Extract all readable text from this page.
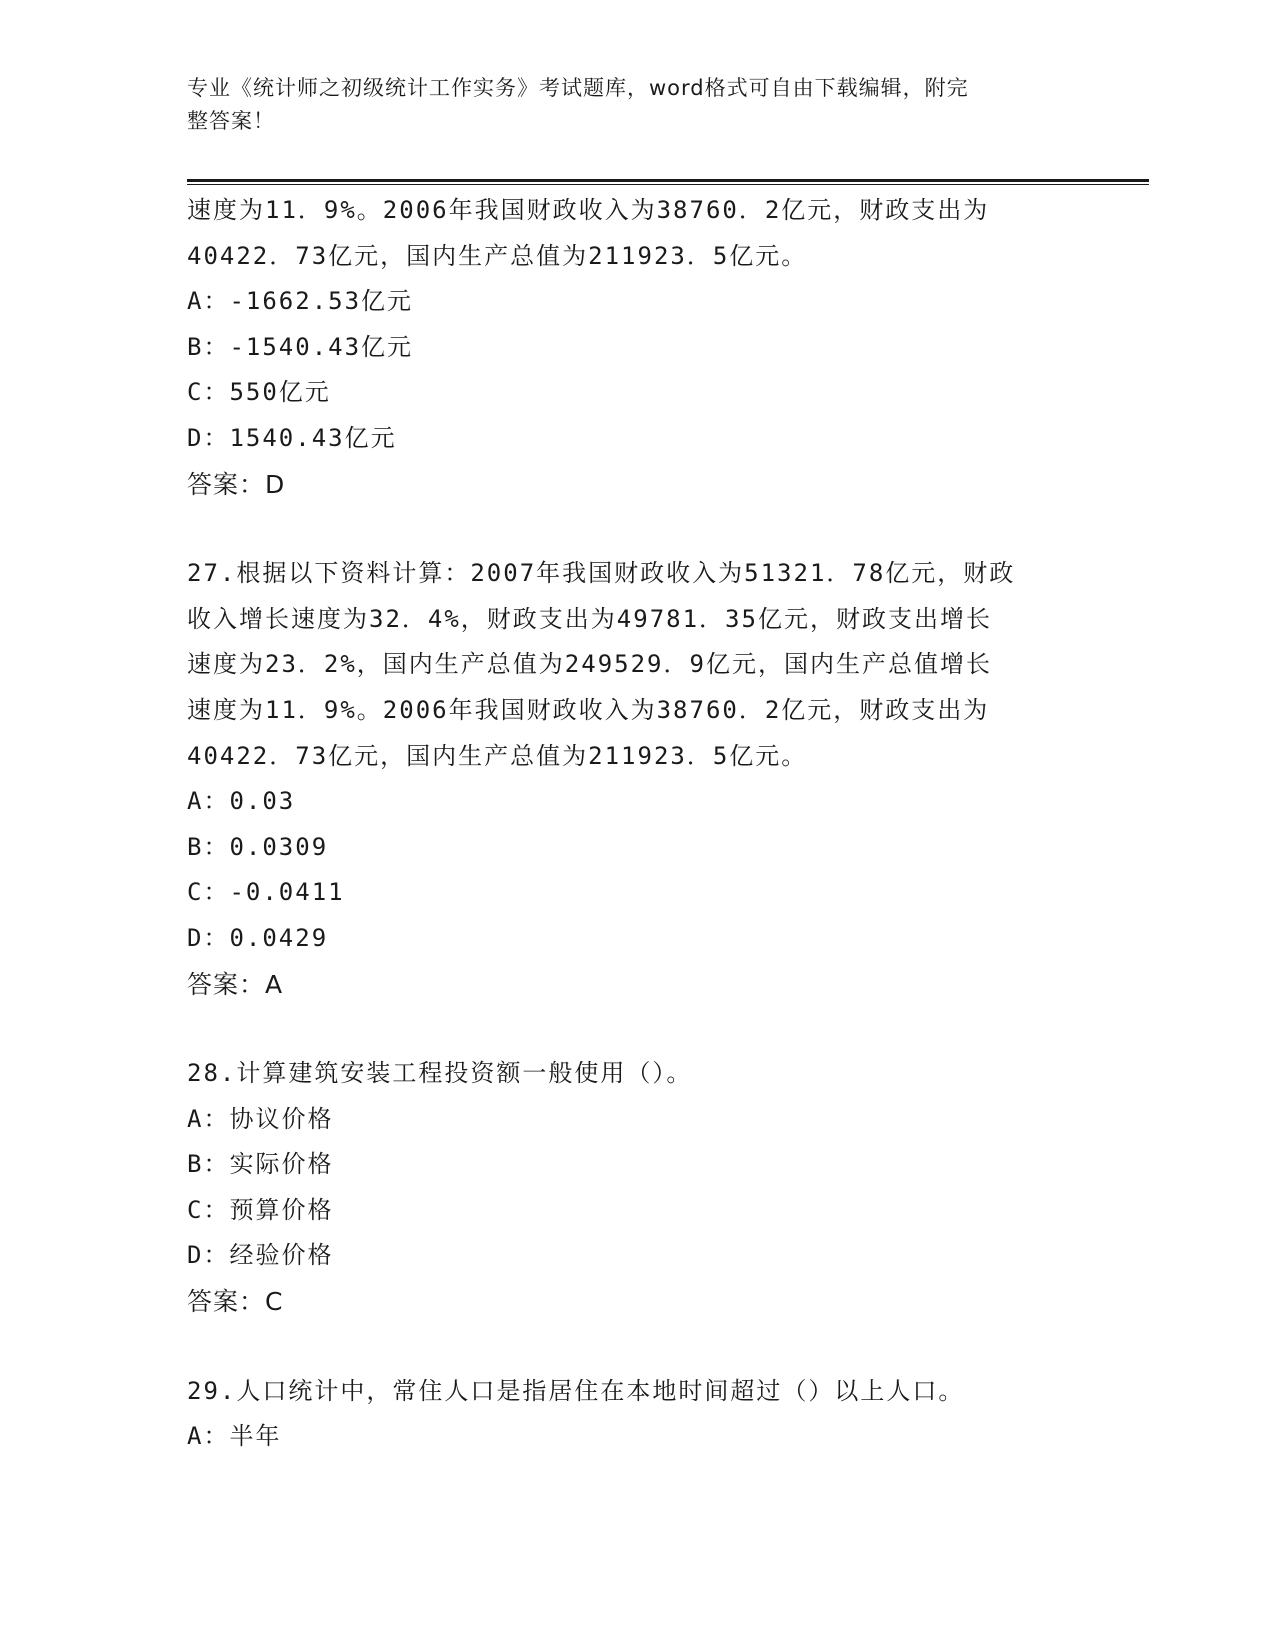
专业《统计师之初级统计工作实务》考试题库，word格式可自由下载编辑，附完
整答案！
速度为11．9%。2006年我国财政收入为38760．2亿元，财政支出为
40422．73亿元，国内生产总值为211923．5亿元。
A：-1662.53亿元
B：-1540.43亿元
C：550亿元
D：1540.43亿元
答案：D
27.根据以下资料计算：2007年我国财政收入为51321．78亿元，财政
收入增长速度为32．4%，财政支出为49781．35亿元，财政支出增长
速度为23．2%，国内生产总值为249529．9亿元，国内生产总值增长
速度为11．9%。2006年我国财政收入为38760．2亿元，财政支出为
40422．73亿元，国内生产总值为211923．5亿元。
A：0.03
B：0.0309
C：-0.0411
D：0.0429
答案：A
28.计算建筑安装工程投资额一般使用（）。
A：协议价格
B：实际价格
C：预算价格
D：经验价格
答案：C
29.人口统计中，常住人口是指居住在本地时间超过（）以上人口。
A：半年
